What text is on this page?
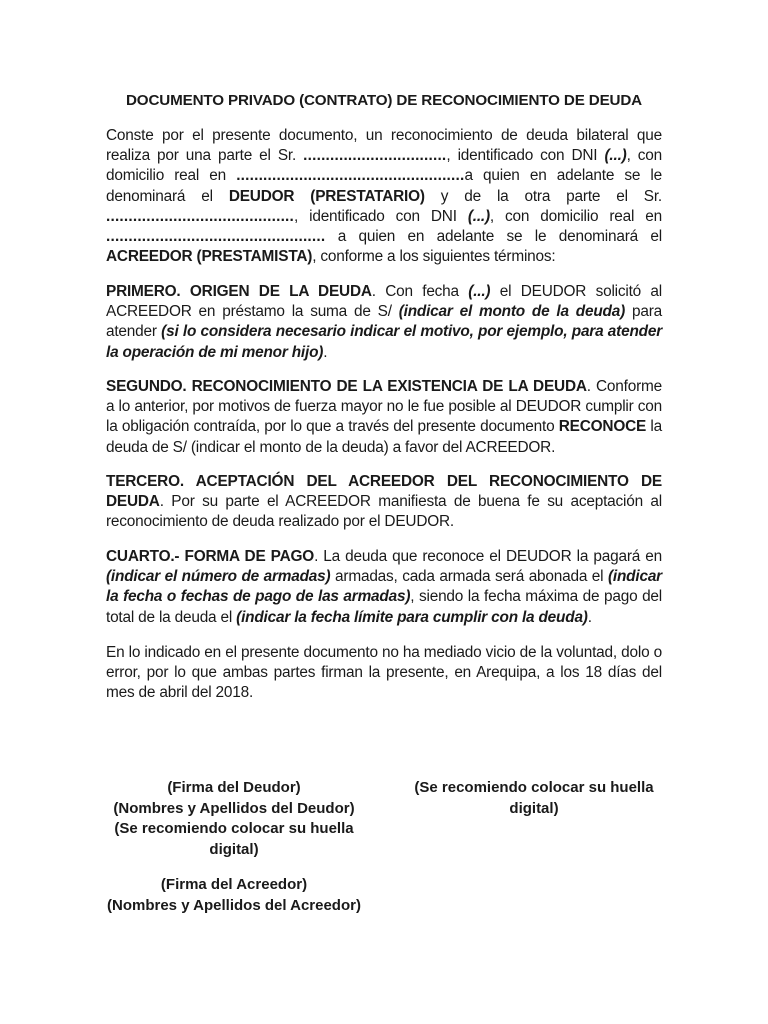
DOCUMENTO PRIVADO (CONTRATO) DE RECONOCIMIENTO DE DEUDA

Conste por el presente documento, un reconocimiento de deuda bilateral que realiza por una parte el Sr. ................................, identificado con DNI (...), con domicilio real en ...................................................a quien en adelante se le denominará el DEUDOR (PRESTATARIO) y de la otra parte el Sr. .........................................., identificado con DNI (...), con domicilio real en ................................................. a quien en adelante se le denominará el ACREEDOR (PRESTAMISTA), conforme a los siguientes términos:

PRIMERO. ORIGEN DE LA DEUDA. Con fecha (...) el DEUDOR solicitó al ACREEDOR en préstamo la suma de S/ (indicar el monto de la deuda) para atender (si lo considera necesario indicar el motivo, por ejemplo, para atender la operación de mi menor hijo).

SEGUNDO. RECONOCIMIENTO DE LA EXISTENCIA DE LA DEUDA. Conforme a lo anterior, por motivos de fuerza mayor no le fue posible al DEUDOR cumplir con la obligación contraída, por lo que a través del presente documento RECONOCE la deuda de S/ (indicar el monto de la deuda) a favor del ACREEDOR.

TERCERO. ACEPTACIÓN DEL ACREEDOR DEL RECONOCIMIENTO DE DEUDA. Por su parte el ACREEDOR manifiesta de buena fe su aceptación al reconocimiento de deuda realizado por el DEUDOR.

CUARTO.- FORMA DE PAGO. La deuda que reconoce el DEUDOR la pagará en (indicar el número de armadas) armadas, cada armada será abonada el (indicar la fecha o fechas de pago de las armadas), siendo la fecha máxima de pago del total de la deuda el (indicar la fecha límite para cumplir con la deuda).

En lo indicado en el presente documento no ha mediado vicio de la voluntad, dolo o error, por lo que ambas partes firman la presente, en Arequipa, a los 18 días del mes de abril del 2018.

(Firma del Deudor)
(Nombres y Apellidos del Deudor)
(Se recomiendo colocar su huella
digital)
(Se recomiendo colocar su huella
digital)
(Firma del Acreedor)
(Nombres y Apellidos del Acreedor)
